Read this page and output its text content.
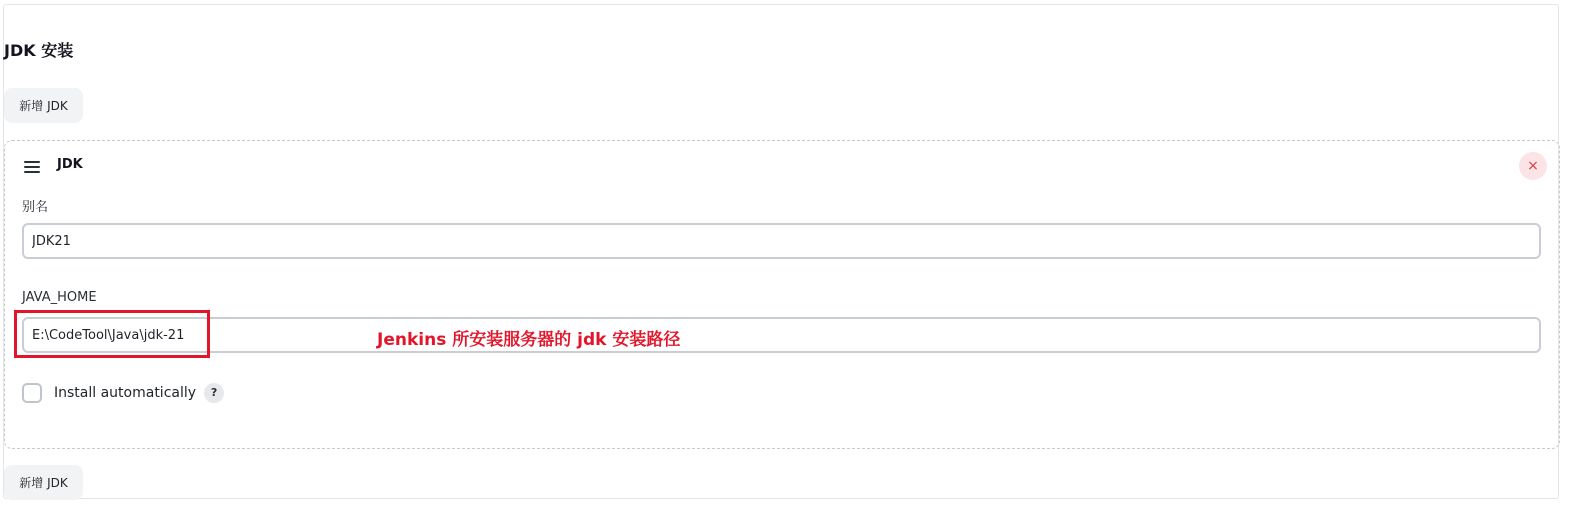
JDK 安装
新增 JDK
JDK	×
别名
JDK21
JAVA_HOME
E:\CodeTool\Java\jdk-21
Jenkins 所安装服务器的 jdk 安装路径
Install automatically	?
新增 JDK
